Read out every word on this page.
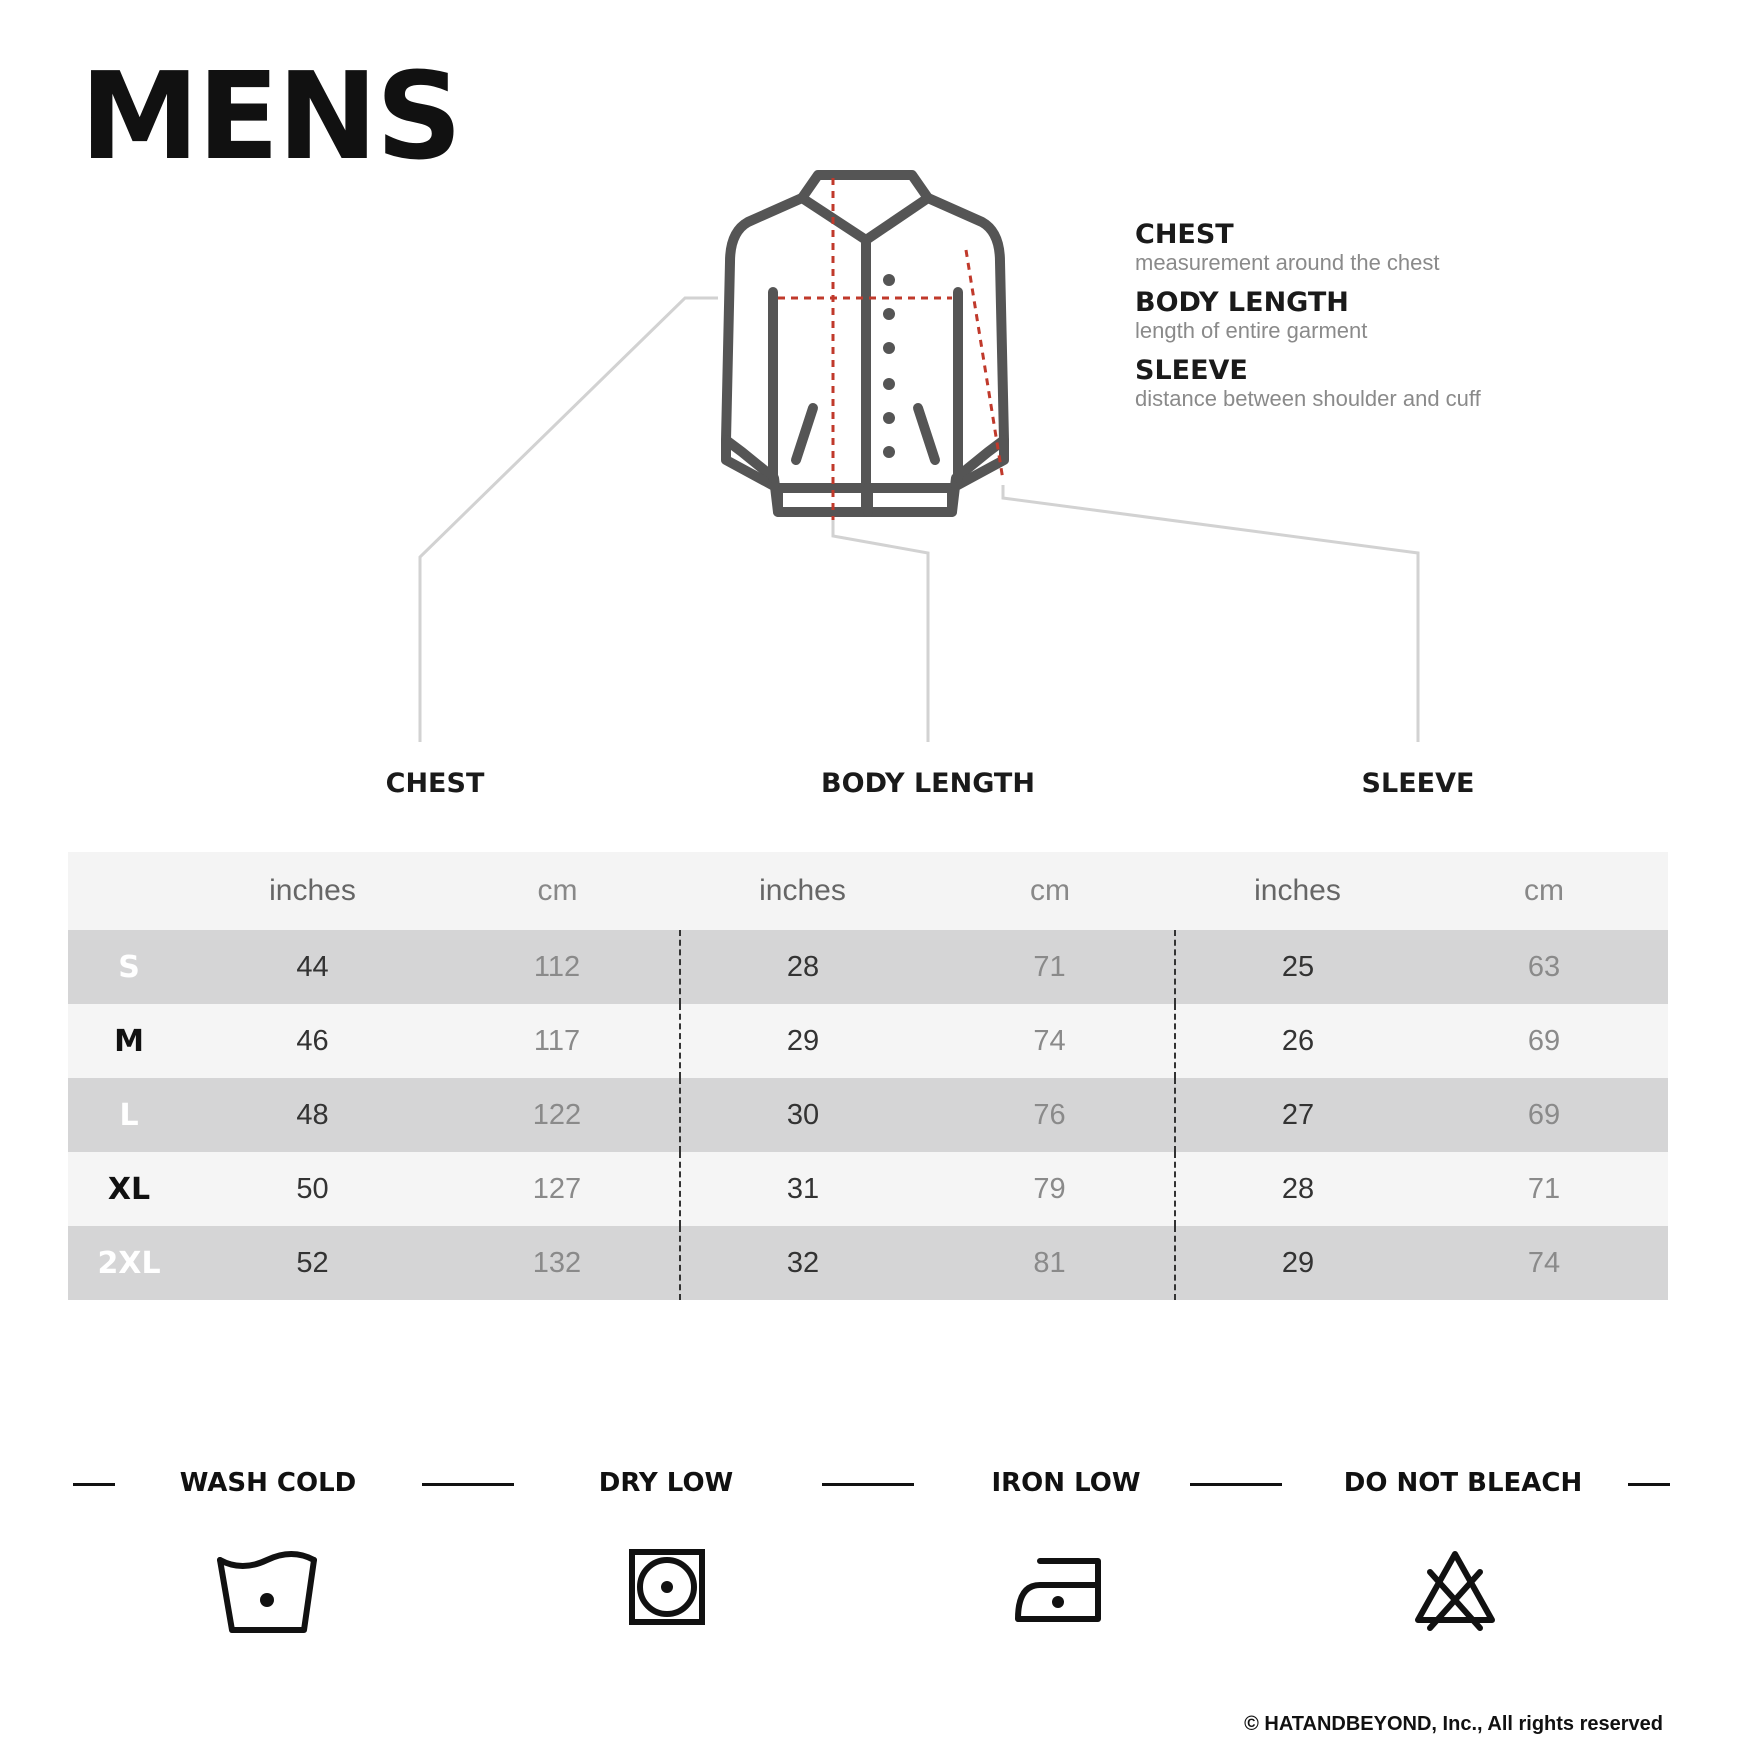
MENS
CHEST
measurement around the chest
BODY LENGTH
length of entire garment
SLEEVE
distance between shoulder and cuff
CHEST	BODY LENGTH	SLEEVE
	inches	cm	inches	cm	inches	cm
S	44	112	28	71	25	63
M	46	117	29	74	26	69
L	48	122	30	76	27	69
XL	50	127	31	79	28	71
2XL	52	132	32	81	29	74
WASH COLD	DRY LOW	IRON LOW	DO NOT BLEACH
© HATANDBEYOND, Inc., All rights reserved
